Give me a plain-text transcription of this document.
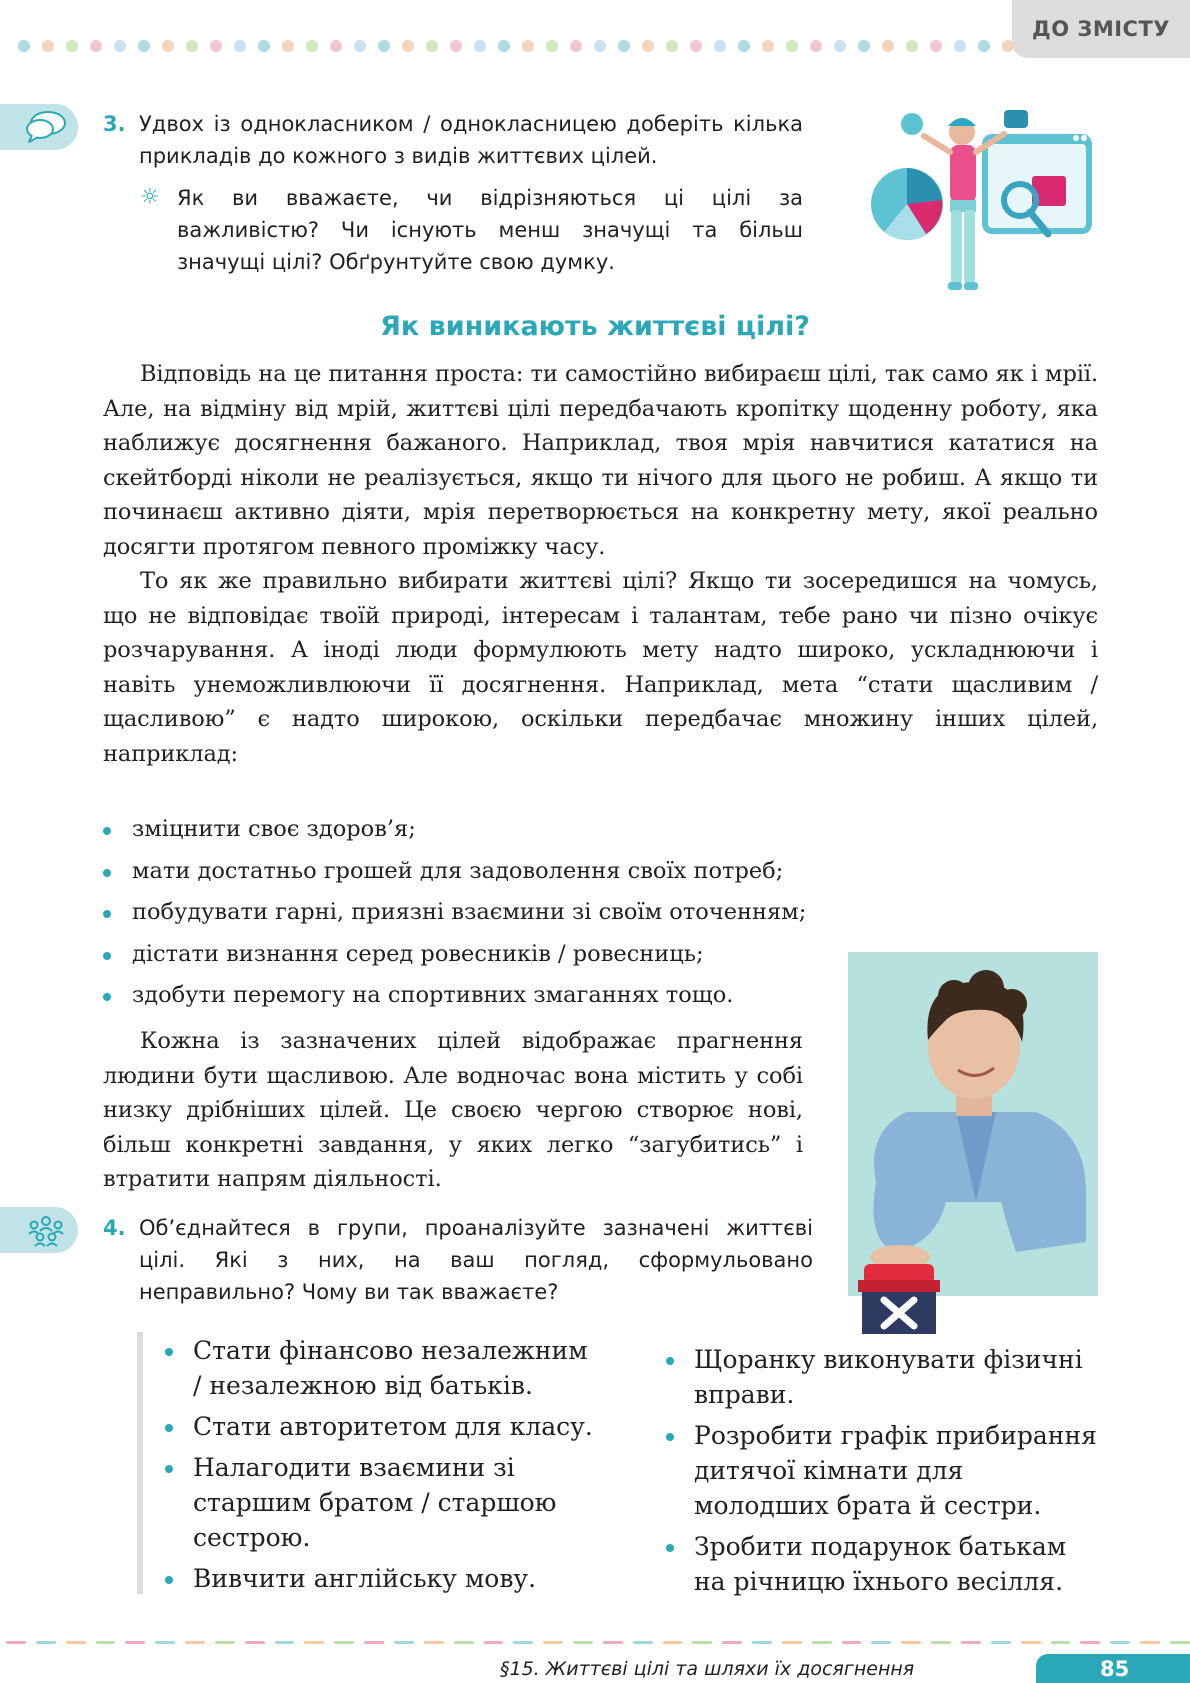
ДО ЗМІСТУ
3. Удвох із однокласником / однокласницею доберіть кілька прикладів до кожного з видів життєвих цілей.
☼ Як ви вважаєте, чи відрізняються ці цілі за важливістю? Чи існують менш значущі та більш значущі цілі? Обґрунтуйте свою думку.
Як виникають життєві цілі?

Відповідь на це питання проста: ти самостійно вибираєш цілі, так само як і мрії. Але, на відміну від мрій, життєві цілі передбачають кропітку щоденну роботу, яка наближує досягнення бажаного. Наприклад, твоя мрія навчитися кататися на скейтборді ніколи не реалізується, якщо ти нічого для цього не робиш. А якщо ти починаєш активно діяти, мрія перетворюється на конкретну мету, якої реально досягти протягом певного проміжку часу.

То як же правильно вибирати життєві цілі? Якщо ти зосередишся на чомусь, що не відповідає твоїй природі, інтересам і талантам, тебе рано чи пізно очікує розчарування. А іноді люди формулюють мету надто широко, ускладнюючи і навіть унеможливлюючи її досягнення. Наприклад, мета “стати щасливим / щасливою” є надто широкою, оскільки передбачає множину інших цілей, наприклад:

зміцнити своє здоров’я;
мати достатньо грошей для задоволення своїх потреб;
побудувати гарні, приязні взаємини зі своїм оточенням;
дістати визнання серед ровесників / ровесниць;
здобути перемогу на спортивних змаганнях тощо.

Кожна із зазначених цілей відображає прагнення людини бути щасливою. Але водночас вона містить у собі низку дрібніших цілей. Це своєю чергою створює нові, більш конкретні завдання, у яких легко “загубитись” і втратити напрям діяльності.

4. Об’єднайтеся в групи, проаналізуйте зазначені життєві цілі. Які з них, на ваш погляд, сформульовано неправильно? Чому ви так вважаєте?
Стати фінансово незалежним / незалежною від батьків.
Стати авторитетом для класу.
Налагодити взаємини зі старшим братом / старшою сестрою.
Вивчити англійську мову.
Щоранку виконувати фізичні вправи.
Розробити графік прибирання дитячої кімнати для молодших брата й сестри.
Зробити подарунок батькам на річницю їхнього весілля.
§15. Життєві цілі та шляхи їх досягнення	85
